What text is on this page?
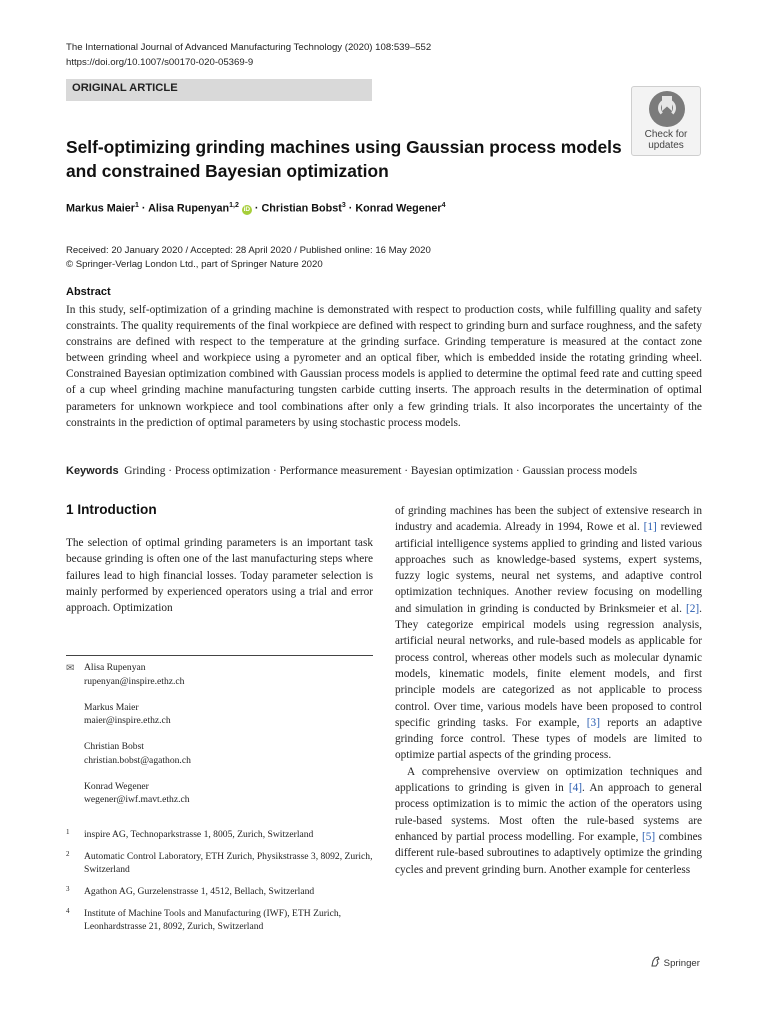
The International Journal of Advanced Manufacturing Technology (2020) 108:539–552
https://doi.org/10.1007/s00170-020-05369-9
ORIGINAL ARTICLE
Check for
updates
Self-optimizing grinding machines using Gaussian process models and constrained Bayesian optimization
Markus Maier$^1$ · Alisa Rupenyan$^{1,2}$ iD · Christian Bobst$^3$ · Konrad Wegener$^4$
Received: 20 January 2020 / Accepted: 28 April 2020 / Published online: 16 May 2020
© Springer-Verlag London Ltd., part of Springer Nature 2020
Abstract
In this study, self-optimization of a grinding machine is demonstrated with respect to production costs, while fulfilling quality and safety constraints. The quality requirements of the final workpiece are defined with respect to grinding burn and surface roughness, and the safety constrains are defined with respect to the temperature at the grinding surface. Grinding temperature is measured at the contact zone between grinding wheel and workpiece using a pyrometer and an optical fiber, which is embedded inside the rotating grinding wheel. Constrained Bayesian optimization combined with Gaussian process models is applied to determine the optimal feed rate and cutting speed of a cup wheel grinding machine manufacturing tungsten carbide cutting inserts. The approach results in the determination of optimal parameters for unknown workpiece and tool combinations after only a few grinding trials. It also incorporates the uncertainty of the constraints in the prediction of optimal parameters by using stochastic process models.
Keywords Grinding · Process optimization · Performance measurement · Bayesian optimization · Gaussian process models
1 Introduction
The selection of optimal grinding parameters is an important task because grinding is often one of the last manufacturing steps where failures lead to high financial losses. Today parameter selection is mainly performed by experienced operators using a trial and error approach. Optimization

of grinding machines has been the subject of extensive research in industry and academia. Already in 1994, Rowe et al. [1] reviewed artificial intelligence systems applied to grinding and listed various approaches such as knowledge-based systems, expert systems, fuzzy logic systems, neural net systems, and adaptive control optimization techniques. Another review focusing on modelling and simulation in grinding is conducted by Brinksmeier et al. [2]. They categorize empirical models using regression analysis, artificial neural networks, and rule-based models as applicable for process control, whereas other models such as molecular dynamic models, kinematic models, finite element models, and first principle models are categorized as not applicable to process control. Over time, various models have been proposed to control specific grinding tasks. For example, [3] reports an adaptive grinding force control. These types of models are limited to optimize partial aspects of the grinding process.

A comprehensive overview on optimization techniques and applications to grinding is given in [4]. An approach to general process optimization is to mimic the action of the operators using rule-based systems. Most often the rule-based systems are enhanced by partial process modelling. For example, [5] combines different rule-based subroutines to adaptively optimize the grinding cycles and prevent grinding burn. Another example for centerless

✉ Alisa Rupenyan
rupenyan@inspire.ethz.ch
Markus Maier
maier@inspire.ethz.ch
Christian Bobst
christian.bobst@agathon.ch
Konrad Wegener
wegener@iwf.mavt.ethz.ch
1 inspire AG, Technoparkstrasse 1, 8005, Zurich, Switzerland
2 Automatic Control Laboratory, ETH Zurich, Physikstrasse 3, 8092, Zurich, Switzerland
3 Agathon AG, Gurzelenstrasse 1, 4512, Bellach, Switzerland
4 Institute of Machine Tools and Manufacturing (IWF), ETH Zurich, Leonhardstrasse 21, 8092, Zurich, Switzerland
Springer
